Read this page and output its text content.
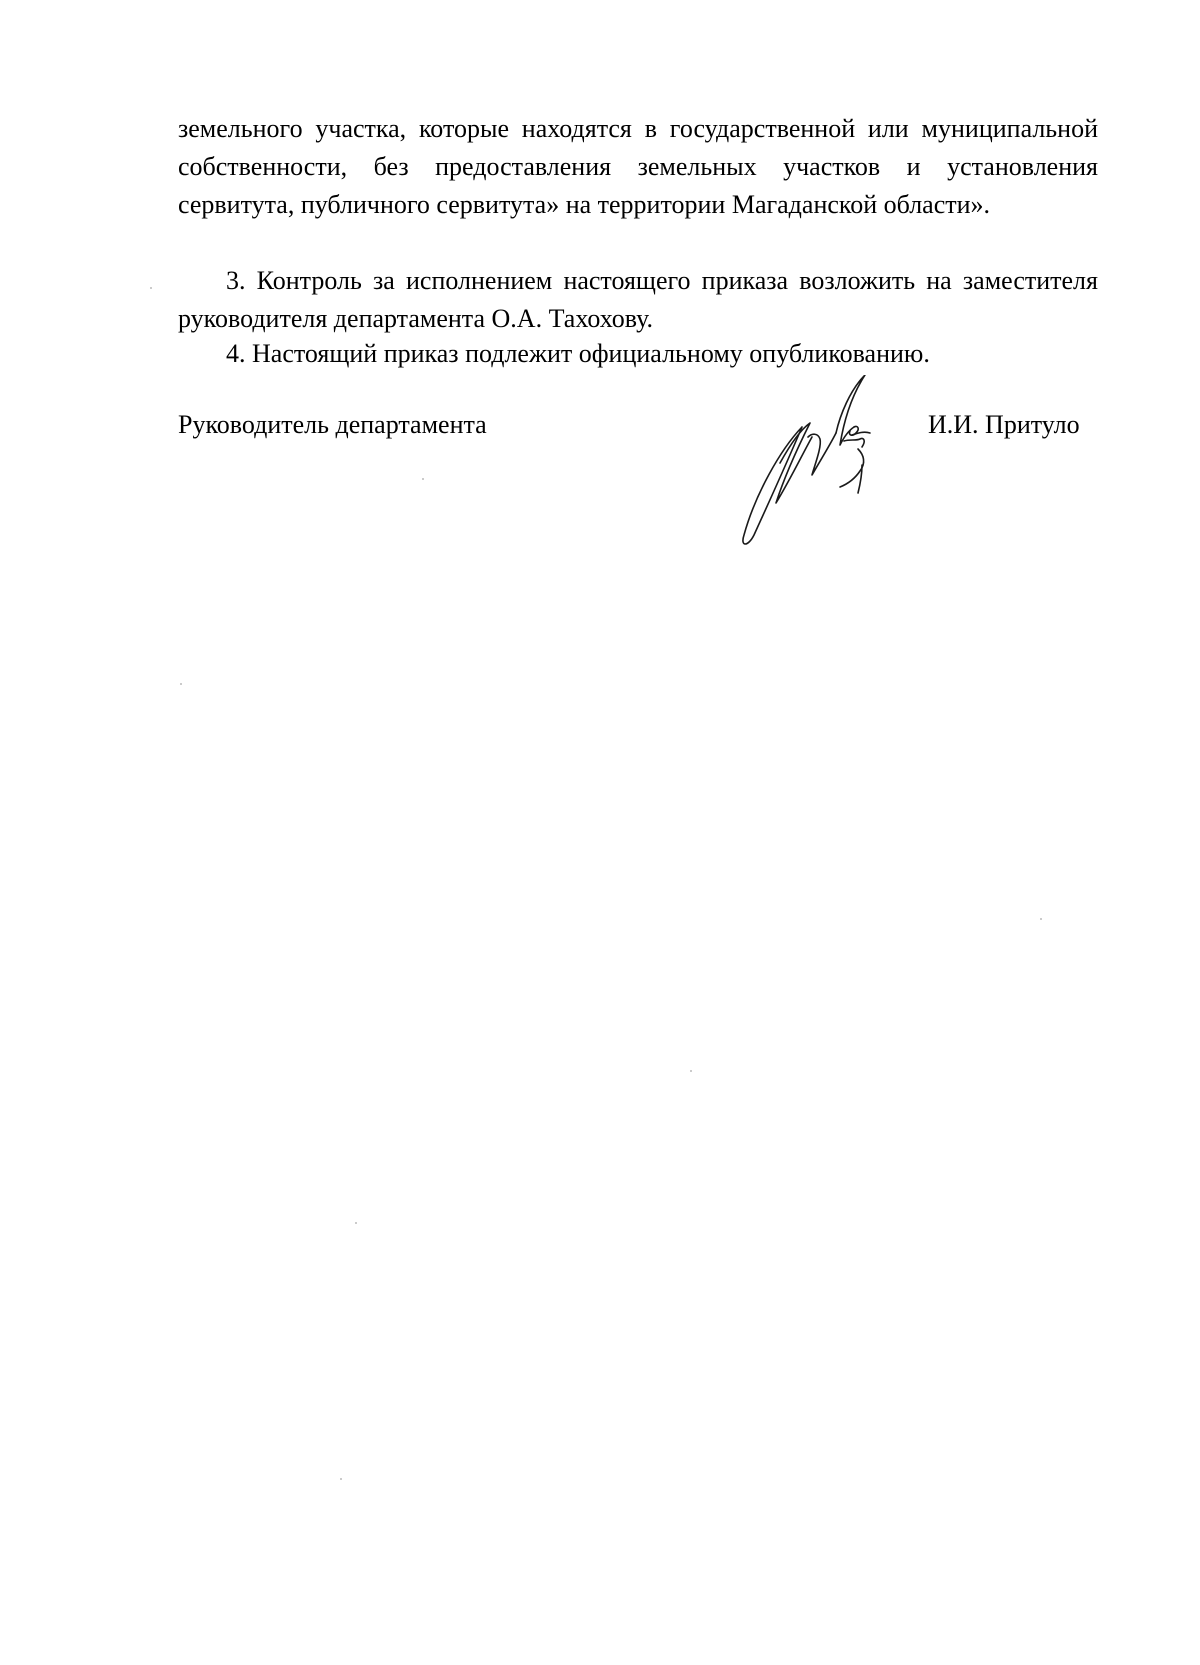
земельного участка, которые находятся в государственной или муниципальной собственности, без предоставления земельных участков и установления сервитута, публичного сервитута» на территории Магаданской области».

3. Контроль за исполнением настоящего приказа возложить на заместителя руководителя департамента О.А. Тахохову.

4. Настоящий приказ подлежит официальному опубликованию.

Руководитель департамента	И.И. Притуло
